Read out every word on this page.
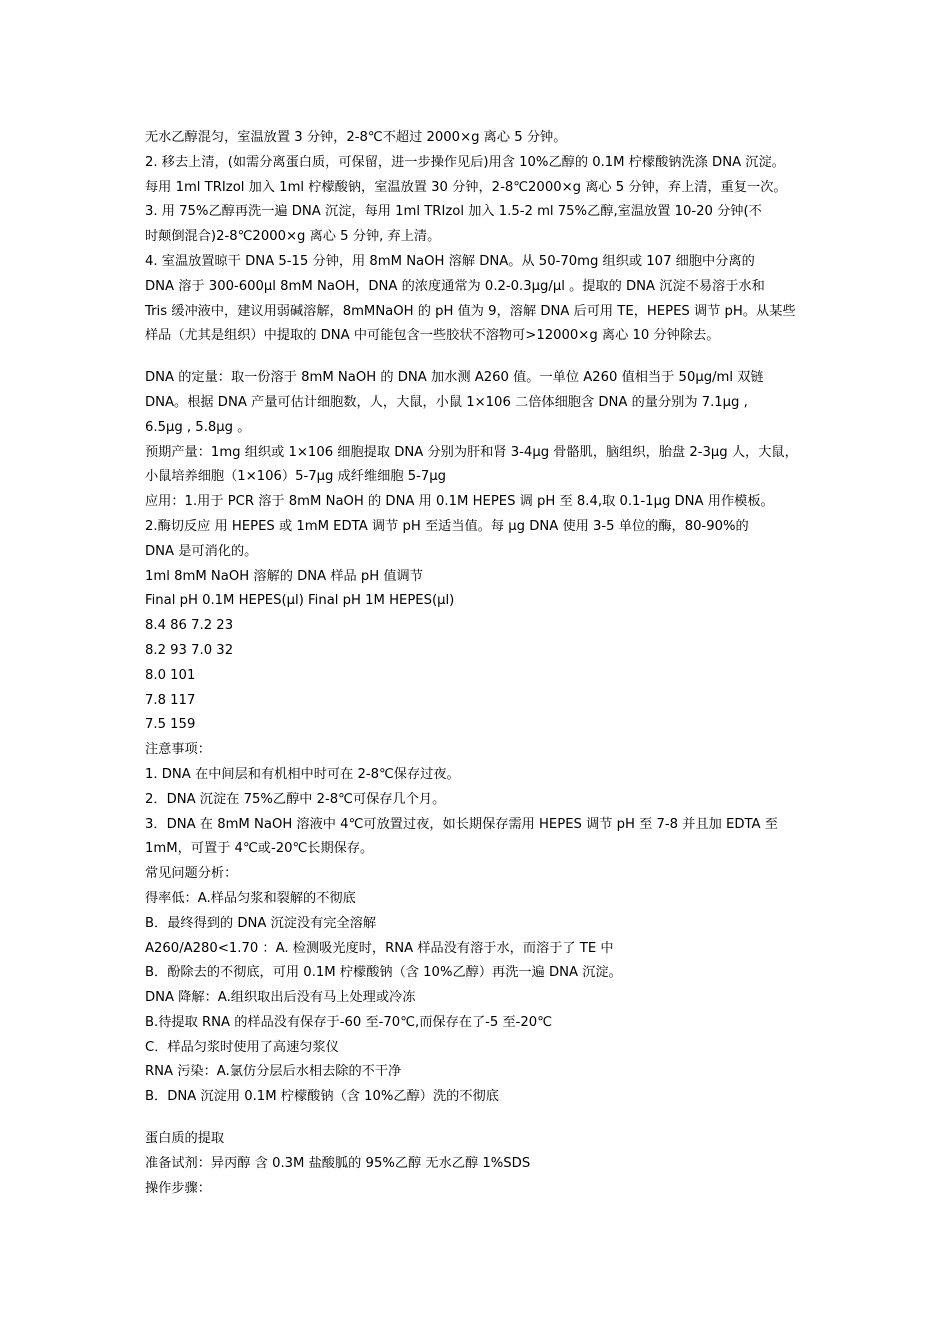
无水乙醇混匀，室温放置 3 分钟，2-8℃不超过 2000×g 离心 5 分钟。
2. 移去上清，(如需分离蛋白质，可保留，进一步操作见后)用含 10%乙醇的 0.1M 柠檬酸钠洗涤 DNA 沉淀。
每用 1ml TRIzol 加入 1ml 柠檬酸钠，室温放置 30 分钟，2-8℃2000×g 离心 5 分钟，弃上清，重复一次。
3. 用 75%乙醇再洗一遍 DNA 沉淀，每用 1ml TRIzol 加入 1.5-2 ml 75%乙醇,室温放置 10-20 分钟(不
时颠倒混合)2-8℃2000×g 离心 5 分钟, 弃上清。
4. 室温放置晾干 DNA 5-15 分钟，用 8mM NaOH 溶解 DNA。从 50-70mg 组织或 107 细胞中分离的
DNA 溶于 300-600μl 8mM NaOH，DNA 的浓度通常为 0.2-0.3μg/μl 。提取的 DNA 沉淀不易溶于水和
Tris 缓冲液中，建议用弱碱溶解，8mMNaOH 的 pH 值为 9，溶解 DNA 后可用 TE，HEPES 调节 pH。从某些
样品（尤其是组织）中提取的 DNA 中可能包含一些胶状不溶物可>12000×g 离心 10 分钟除去。
DNA 的定量：取一份溶于 8mM NaOH 的 DNA 加水测 A260 值。一单位 A260 值相当于 50μg/ml 双链
DNA。根据 DNA 产量可估计细胞数，人，大鼠，小鼠 1×106 二倍体细胞含 DNA 的量分别为 7.1μg ,
6.5μg , 5.8μg 。
预期产量：1mg 组织或 1×106 细胞提取 DNA 分别为肝和肾 3-4μg 骨骼肌，脑组织，胎盘 2-3μg 人，大鼠，
小鼠培养细胞（1×106）5-7μg 成纤维细胞 5-7μg
应用：1.用于 PCR 溶于 8mM NaOH 的 DNA 用 0.1M HEPES 调 pH 至 8.4,取 0.1-1μg DNA 用作模板。
2.酶切反应 用 HEPES 或 1mM EDTA 调节 pH 至适当值。每 μg DNA 使用 3-5 单位的酶，80-90%的
DNA 是可消化的。
1ml 8mM NaOH 溶解的 DNA 样品 pH 值调节
Final pH 0.1M HEPES(μl) Final pH 1M HEPES(μl)
8.4 86 7.2 23
8.2 93 7.0 32
8.0 101
7.8 117
7.5 159
注意事项：
1. DNA 在中间层和有机相中时可在 2-8℃保存过夜。
2．DNA 沉淀在 75%乙醇中 2-8℃可保存几个月。
3．DNA 在 8mM NaOH 溶液中 4℃可放置过夜，如长期保存需用 HEPES 调节 pH 至 7-8 并且加 EDTA 至
1mM，可置于 4℃或-20℃长期保存。
常见问题分析：
得率低：A.样品匀浆和裂解的不彻底
B．最终得到的 DNA 沉淀没有完全溶解
A260/A280<1.70 ：A. 检测吸光度时，RNA 样品没有溶于水，而溶于了 TE 中
B．酚除去的不彻底，可用 0.1M 柠檬酸钠（含 10%乙醇）再洗一遍 DNA 沉淀。
DNA 降解：A.组织取出后没有马上处理或冷冻
B.待提取 RNA 的样品没有保存于-60 至-70℃,而保存在了-5 至-20℃
C．样品匀浆时使用了高速匀浆仪
RNA 污染：A.氯仿分层后水相去除的不干净
B．DNA 沉淀用 0.1M 柠檬酸钠（含 10%乙醇）洗的不彻底
蛋白质的提取
准备试剂：异丙醇 含 0.3M 盐酸胍的 95%乙醇 无水乙醇 1%SDS
操作步骤：
